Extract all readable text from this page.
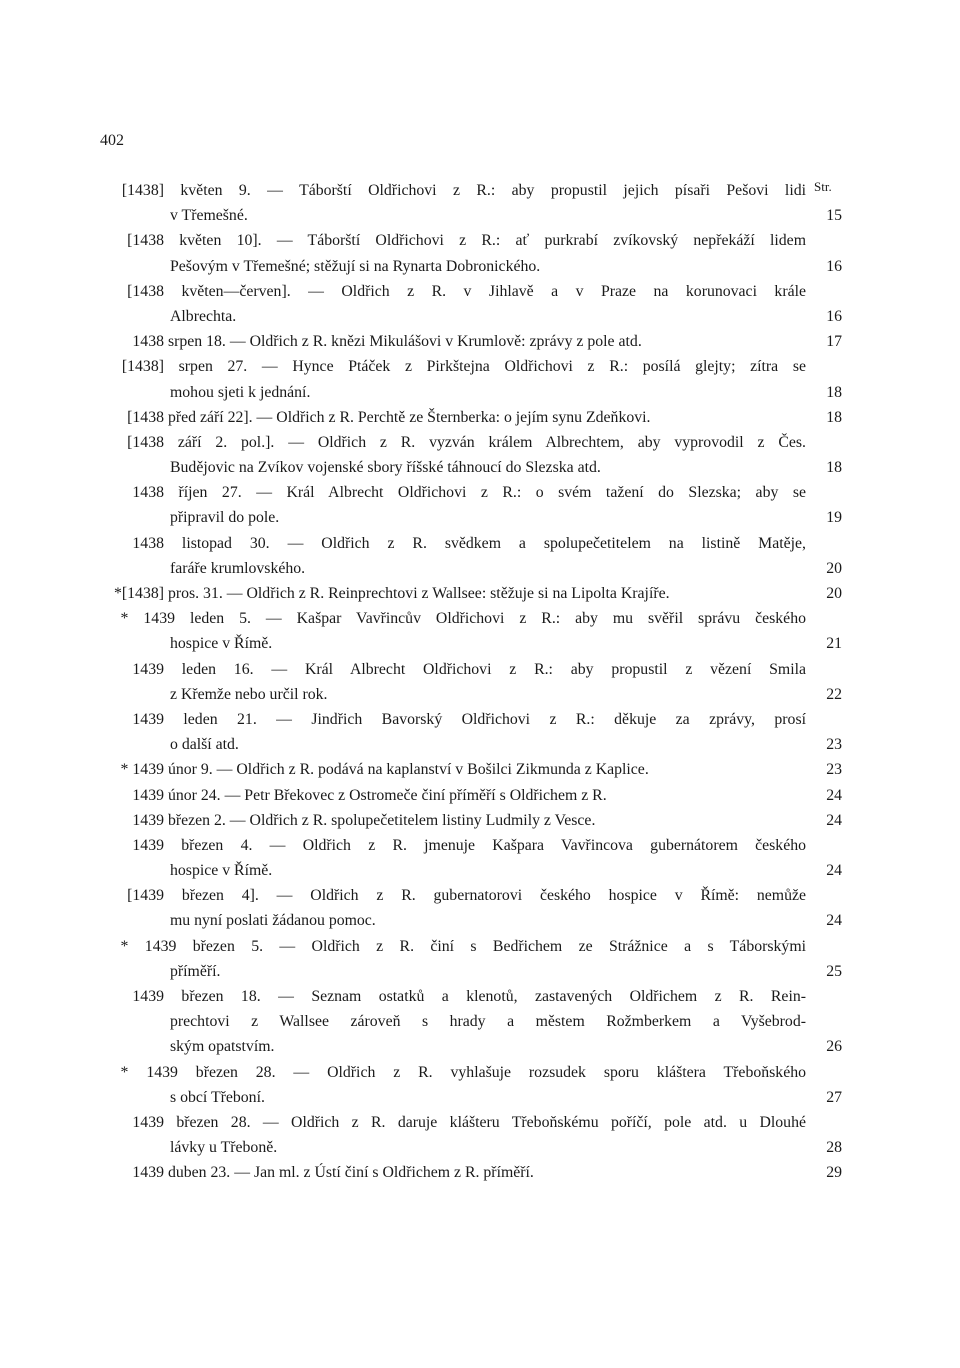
402
Str.
[1438] květen 9. — Táborští Oldřichovi z R.: aby propustil jejich písaři Pešovi lidi
v Třemešné.	15
[1438 květen 10]. — Táborští Oldřichovi z R.: ať purkrabí zvíkovský nepřekáží lidem
Pešovým v Třemešné; stěžují si na Rynarta Dobronického.	16
[1438 květen—červen]. — Oldřich z R. v Jihlavě a v Praze na korunovaci krále
Albrechta.	16
1438 srpen 18. — Oldřich z R. knězi Mikulášovi v Krumlově: zprávy z pole atd.	17
[1438] srpen 27. — Hynce Ptáček z Pirkštejna Oldřichovi z R.: posílá glejty; zítra se
mohou sjeti k jednání.	18
[1438 před září 22]. — Oldřich z R. Perchtě ze Šternberka: o jejím synu Zdeňkovi.	18
[1438 září 2. pol.]. — Oldřich z R. vyzván králem Albrechtem, aby vyprovodil z Čes.
Budějovic na Zvíkov vojenské sbory říšské táhnoucí do Slezska atd.	18
1438 říjen 27. — Král Albrecht Oldřichovi z R.: o svém tažení do Slezska; aby se
připravil do pole.	19
1438 listopad 30. — Oldřich z R. svědkem a spolupečetitelem na listině Matěje,
faráře krumlovského.	20
*[1438] pros. 31. — Oldřich z R. Reinprechtovi z Wallsee: stěžuje si na Lipolta Krajíře.	20
* 1439 leden 5. — Kašpar Vavřincův Oldřichovi z R.: aby mu svěřil správu českého
hospice v Římě.	21
1439 leden 16. — Král Albrecht Oldřichovi z R.: aby propustil z vězení Smila
z Křemže nebo určil rok.	22
1439 leden 21. — Jindřich Bavorský Oldřichovi z R.: děkuje za zprávy, prosí
o další atd.	23
* 1439 únor 9. — Oldřich z R. podává na kaplanství v Bošilci Zikmunda z Kaplice.	23
1439 únor 24. — Petr Břekovec z Ostromeče činí příměří s Oldřichem z R.	24
1439 březen 2. — Oldřich z R. spolupečetitelem listiny Ludmily z Vesce.	24
1439 březen 4. — Oldřich z R. jmenuje Kašpara Vavřincova gubernátorem českého
hospice v Římě.	24
[1439 březen 4]. — Oldřich z R. gubernatorovi českého hospice v Římě: nemůže
mu nyní poslati žádanou pomoc.	24
* 1439 březen 5. — Oldřich z R. činí s Bedřichem ze Strážnice a s Táborskými
příměří.	25
1439 březen 18. — Seznam ostatků a klenotů, zastavených Oldřichem z R. Rein-
prechtovi z Wallsee zároveň s hrady a městem Rožmberkem a Vyšebrod-
ským opatstvím.	26
* 1439 březen 28. — Oldřich z R. vyhlašuje rozsudek sporu kláštera Třeboňského
s obcí Třeboní.	27
1439 březen 28. — Oldřich z R. daruje klášteru Třeboňskému poříčí, pole atd. u Dlouhé
lávky u Třeboně.	28
1439 duben 23. — Jan ml. z Ústí činí s Oldřichem z R. příměří.	29
